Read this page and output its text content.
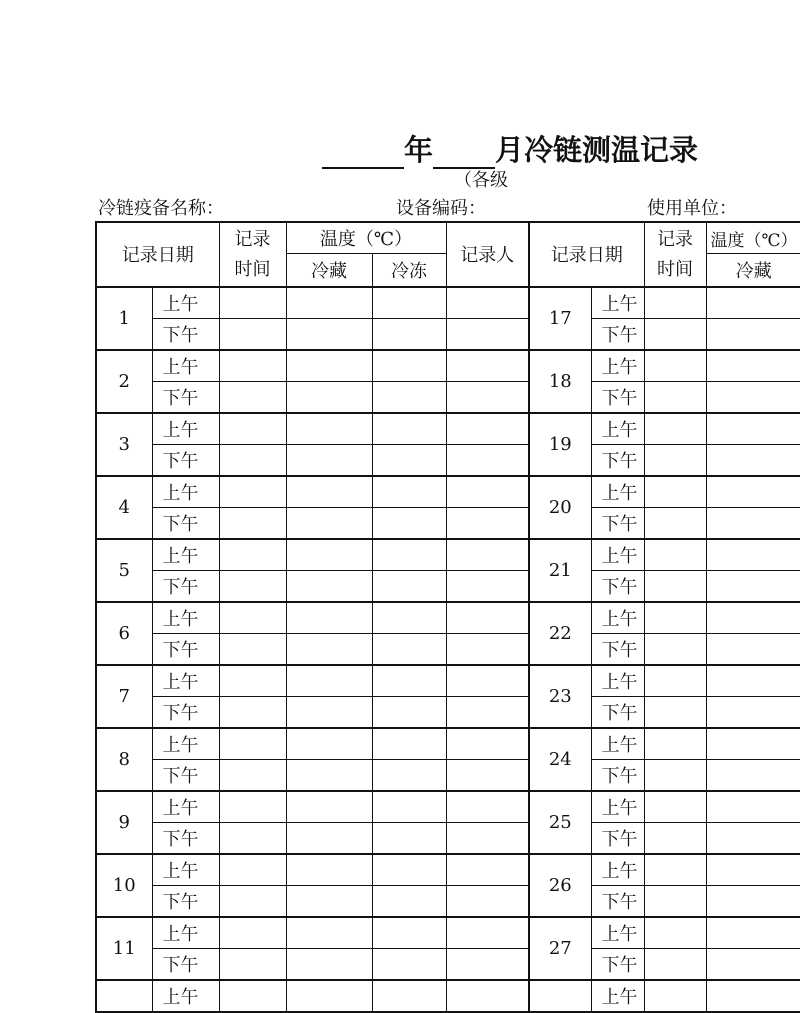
年 月冷链测温记录
（各级
冷链疫备名称：	设备编码：	使用单位：
记录日期		记录	温度（℃）		记录人	记录日期		记录	温度（℃）
		时间	冷藏	冷冻				时间	冷藏
1	上午					17	上午		
	下午						下午		
2	上午					18	上午		
	下午						下午		
3	上午					19	上午		
	下午						下午		
4	上午					20	上午		
	下午						下午		
5	上午					21	上午		
	下午						下午		
6	上午					22	上午		
	下午						下午		
7	上午					23	上午		
	下午						下午		
8	上午					24	上午		
	下午						下午		
9	上午					25	上午		
	下午						下午		
10	上午					26	上午		
	下午						下午		
11	上午					27	上午		
	下午						下午		
	上午						上午		
